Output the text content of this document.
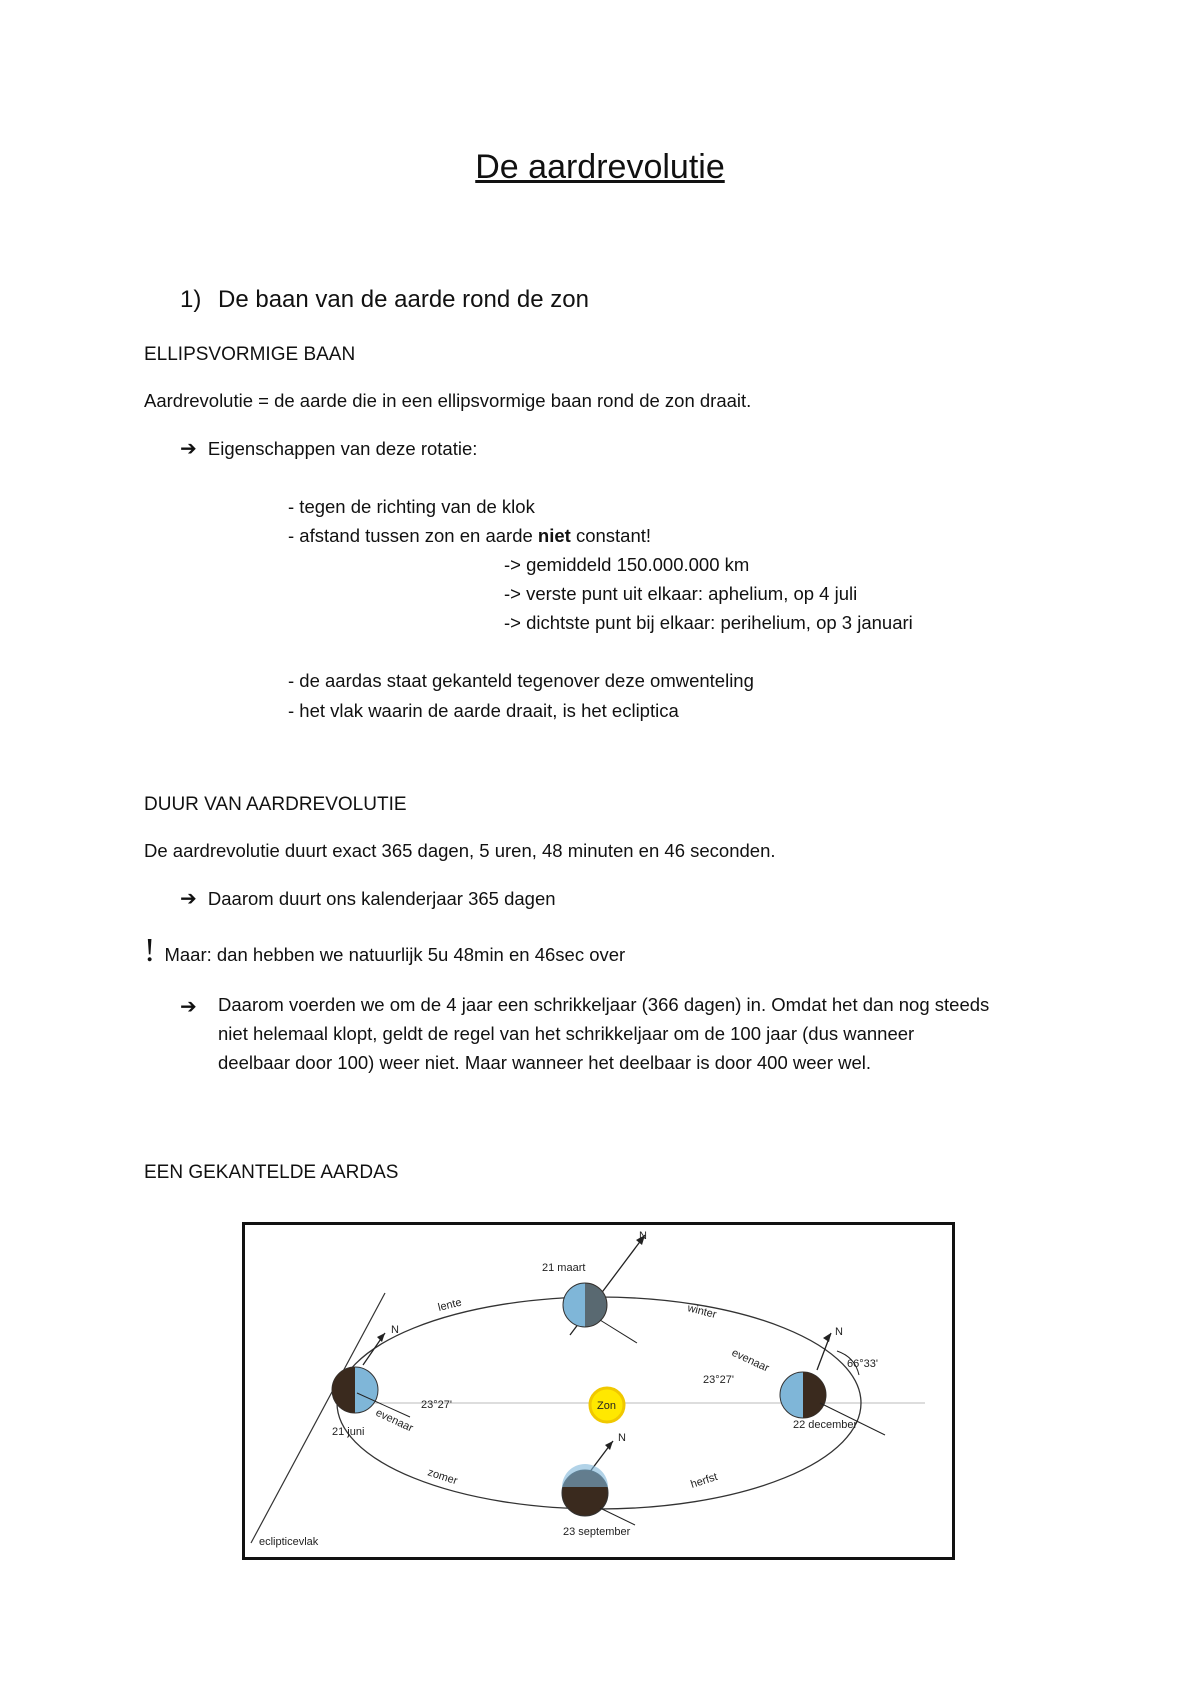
De aardrevolutie
1) De baan van de aarde rond de zon
ELLIPSVORMIGE BAAN
Aardrevolutie = de aarde die in een ellipsvormige baan rond de zon draait.
➔ Eigenschappen van deze rotatie:
- tegen de richting van de klok
- afstand tussen zon en aarde niet constant!
-> gemiddeld 150.000.000 km
-> verste punt uit elkaar: aphelium, op 4 juli
-> dichtste punt bij elkaar: perihelium, op 3 januari
- de aardas staat gekanteld tegenover deze omwenteling
- het vlak waarin de aarde draait, is het ecliptica
DUUR VAN AARDREVOLUTIE
De aardrevolutie duurt exact 365 dagen, 5 uren, 48 minuten en 46 seconden.
➔ Daarom duurt ons kalenderjaar 365 dagen
! Maar: dan hebben we natuurlijk 5u 48min en 46sec over
➔ Daarom voerden we om de 4 jaar een schrikkeljaar (366 dagen) in. Omdat het dan nog steeds
niet helemaal klopt, geldt de regel van het schrikkeljaar om de 100 jaar (dus wanneer
deelbaar door 100) weer niet. Maar wanneer het deelbaar is door 400 weer wel.
EEN GEKANTELDE AARDAS
Zon
21 maart
N
21 juni
N
23°27'
evenaar
23 september
N
22 december
N
23°27'
evenaar	66°33'
lente	winter
zomer	herfst
eclipticevlak
